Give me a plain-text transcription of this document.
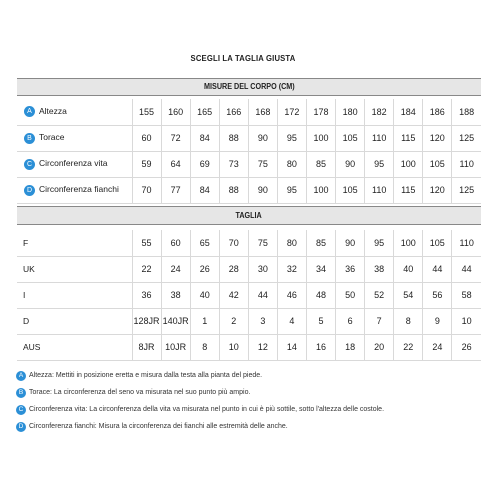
SCEGLI LA TAGLIA GIUSTA
MISURE DEL CORPO (CM)
A Altezza	155	160	165	166	168	172	178	180	182	184	186	188
B Torace	60	72	84	88	90	95	100	105	110	115	120	125
C Circonferenza vita	59	64	69	73	75	80	85	90	95	100	105	110
D Circonferenza fianchi	70	77	84	88	90	95	100	105	110	115	120	125
TAGLIA
F	55	60	65	70	75	80	85	90	95	100	105	110
UK	22	24	26	28	30	32	34	36	38	40	44	44
I	36	38	40	42	44	46	48	50	52	54	56	58
D	128JR	140JR	1	2	3	4	5	6	7	8	9	10
AUS	8JR	10JR	8	10	12	14	16	18	20	22	24	26
A Altezza: Mettiti in posizione eretta e misura dalla testa alla pianta del piede.
B Torace: La circonferenza del seno va misurata nel suo punto più ampio.
C Circonferenza vita: La circonferenza della vita va misurata nel punto in cui è più sottile, sotto l'altezza delle costole.
D Circonferenza fianchi: Misura la circonferenza dei fianchi alle estremità delle anche.
